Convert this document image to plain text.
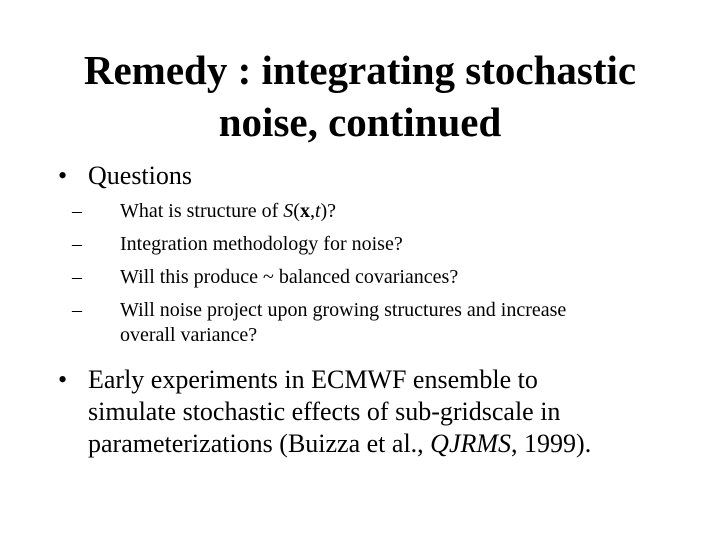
Remedy : integrating stochastic
noise, continued
• Questions
– What is structure of S(x,t)?
– Integration methodology for noise?
– Will this produce ~ balanced covariances?
– Will noise project upon growing structures and increase
overall variance?
• Early experiments in ECMWF ensemble to
simulate stochastic effects of sub-gridscale in
parameterizations (Buizza et al., QJRMS, 1999).
